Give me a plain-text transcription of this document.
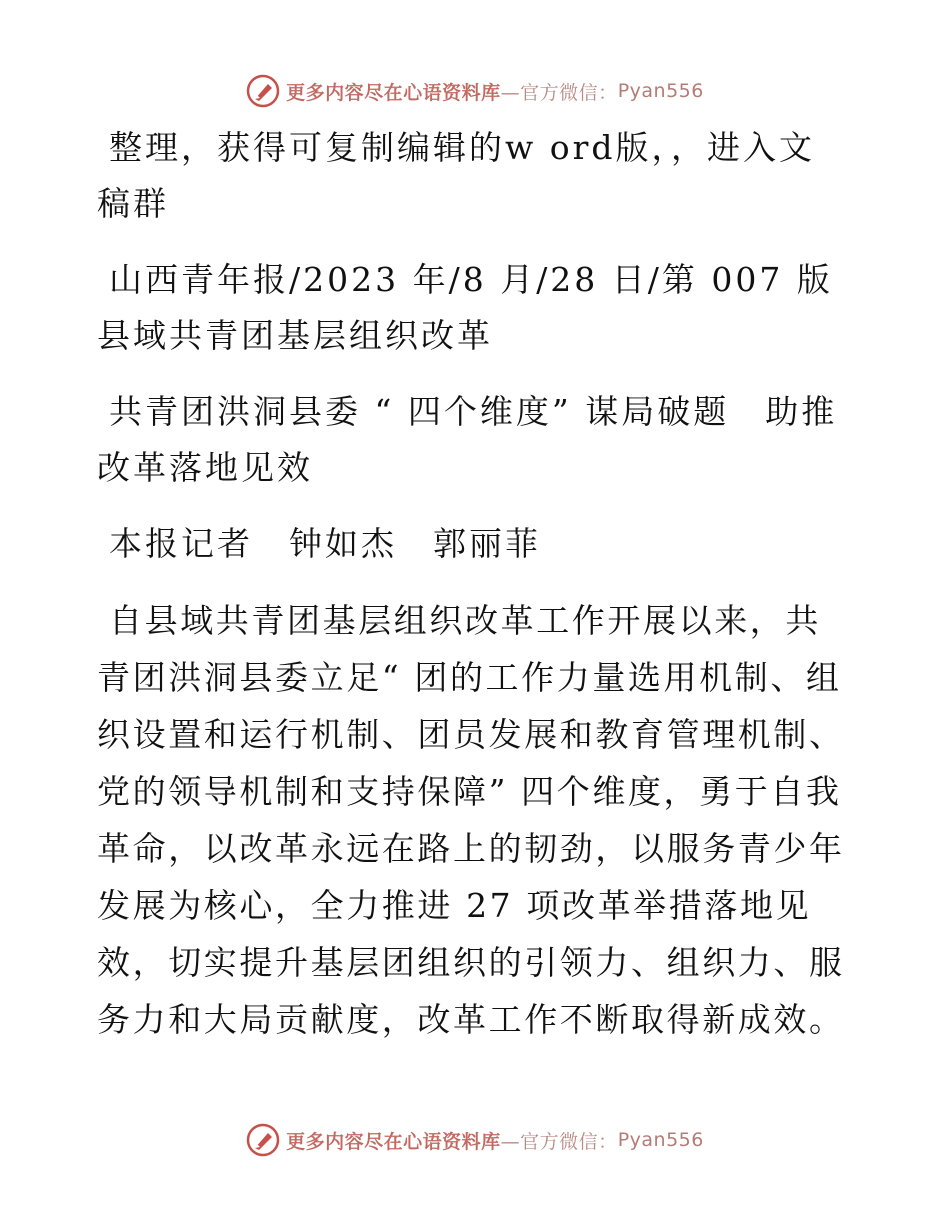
更多内容尽在心语资料库 —官方微信： Pyan556

整理，获得可复制编辑的w ord版，，进入文稿群

山西青年报/2023 年/8 月/28 日/第 007 版县域共青团基层组织改革

共青团洪洞县委 “ 四个维度” 谋局破题　助推改革落地见效

本报记者　钟如杰　郭丽菲

自县域共青团基层组织改革工作开展以来，共青团洪洞县委立足“ 团的工作力量选用机制、组织设置和运行机制、团员发展和教育管理机制、党的领导机制和支持保障” 四个维度，勇于自我革命，以改革永远在路上的韧劲，以服务青少年发展为核心，全力推进 27 项改革举措落地见效，切实提升基层团组织的引领力、组织力、服务力和大局贡献度，改革工作不断取得新成效。

更多内容尽在心语资料库 —官方微信： Pyan556
